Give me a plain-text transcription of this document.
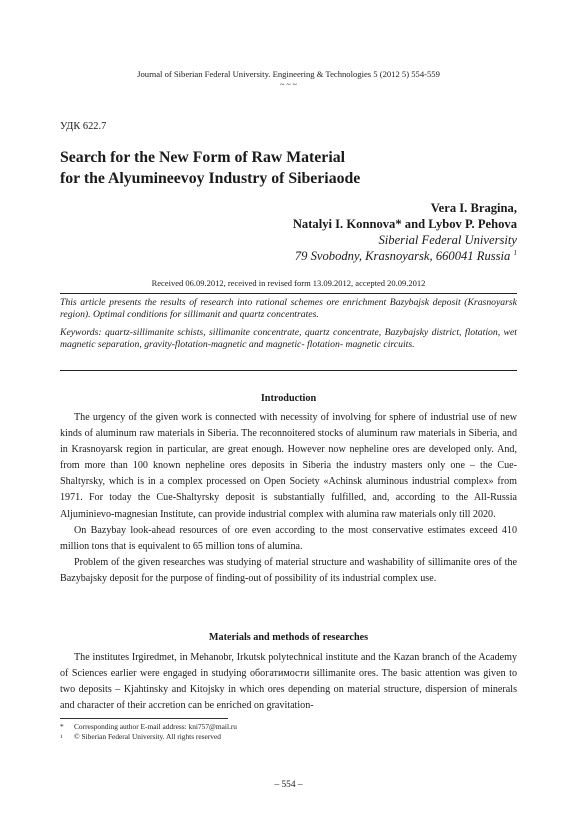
Journal of Siberian Federal University. Engineering & Technologies 5 (2012 5) 554-559
~ ~ ~
УДК 622.7
Search for the New Form of Raw Material
for the Alyumineevoy Industry of Siberiaode
Vera I. Bragina,
Natalyi I. Konnova* and Lybov P. Pehova
Siberial Federal University
79 Svobodny, Krasnoyarsk, 660041 Russia $^1$
Received 06.09.2012, received in revised form 13.09.2012, accepted 20.09.2012
This article presents the results of research into rational schemes ore enrichment Bazybajsk deposit (Krasnoyarsk region). Optimal conditions for sillimanit and quartz concentrates.
Keywords: quartz-sillimanite schists, sillimanite concentrate, quartz concentrate, Bazybajsky district, flotation, wet magnetic separation, gravity-flotation-magnetic and magnetic- flotation- magnetic circuits.
Introduction

The urgency of the given work is connected with necessity of involving for sphere of industrial use of new kinds of aluminum raw materials in Siberia. The reconnoitered stocks of aluminum raw materials in Siberia, and in Krasnoyarsk region in particular, are great enough. However now nepheline ores are developed only. And, from more than 100 known nepheline ores deposits in Siberia the industry masters only one – the Cue-Shaltyrsky, which is in a complex processed on Open Society «Achinsk aluminous industrial complex» from 1971. For today the Cue-Shaltyrsky deposit is substantially fulfilled, and, according to the All-Russia Aljuminievo-magnesian Institute, can provide industrial complex with alumina raw materials only till 2020.

On Bazybay look-ahead resources of ore even according to the most conservative estimates exceed 410 million tons that is equivalent to 65 million tons of alumina.

Problem of the given researches was studying of material structure and washability of sillimanite ores of the Bazybajsky deposit for the purpose of finding-out of possibility of its industrial complex use.

Materials and methods of researches

The institutes Irgiredmet, in Mehanobr, Irkutsk polytechnical institute and the Kazan branch of the Academy of Sciences earlier were engaged in studying обогатимости sillimanite ores. The basic attention was given to two deposits – Kjahtinsky and Kitojsky in which ores depending on material structure, dispersion of minerals and character of their accretion can be enriched on gravitation-

*	Corresponding author E-mail address: kni757@mail.ru
1	© Siberian Federal University. All rights reserved
– 554 –
